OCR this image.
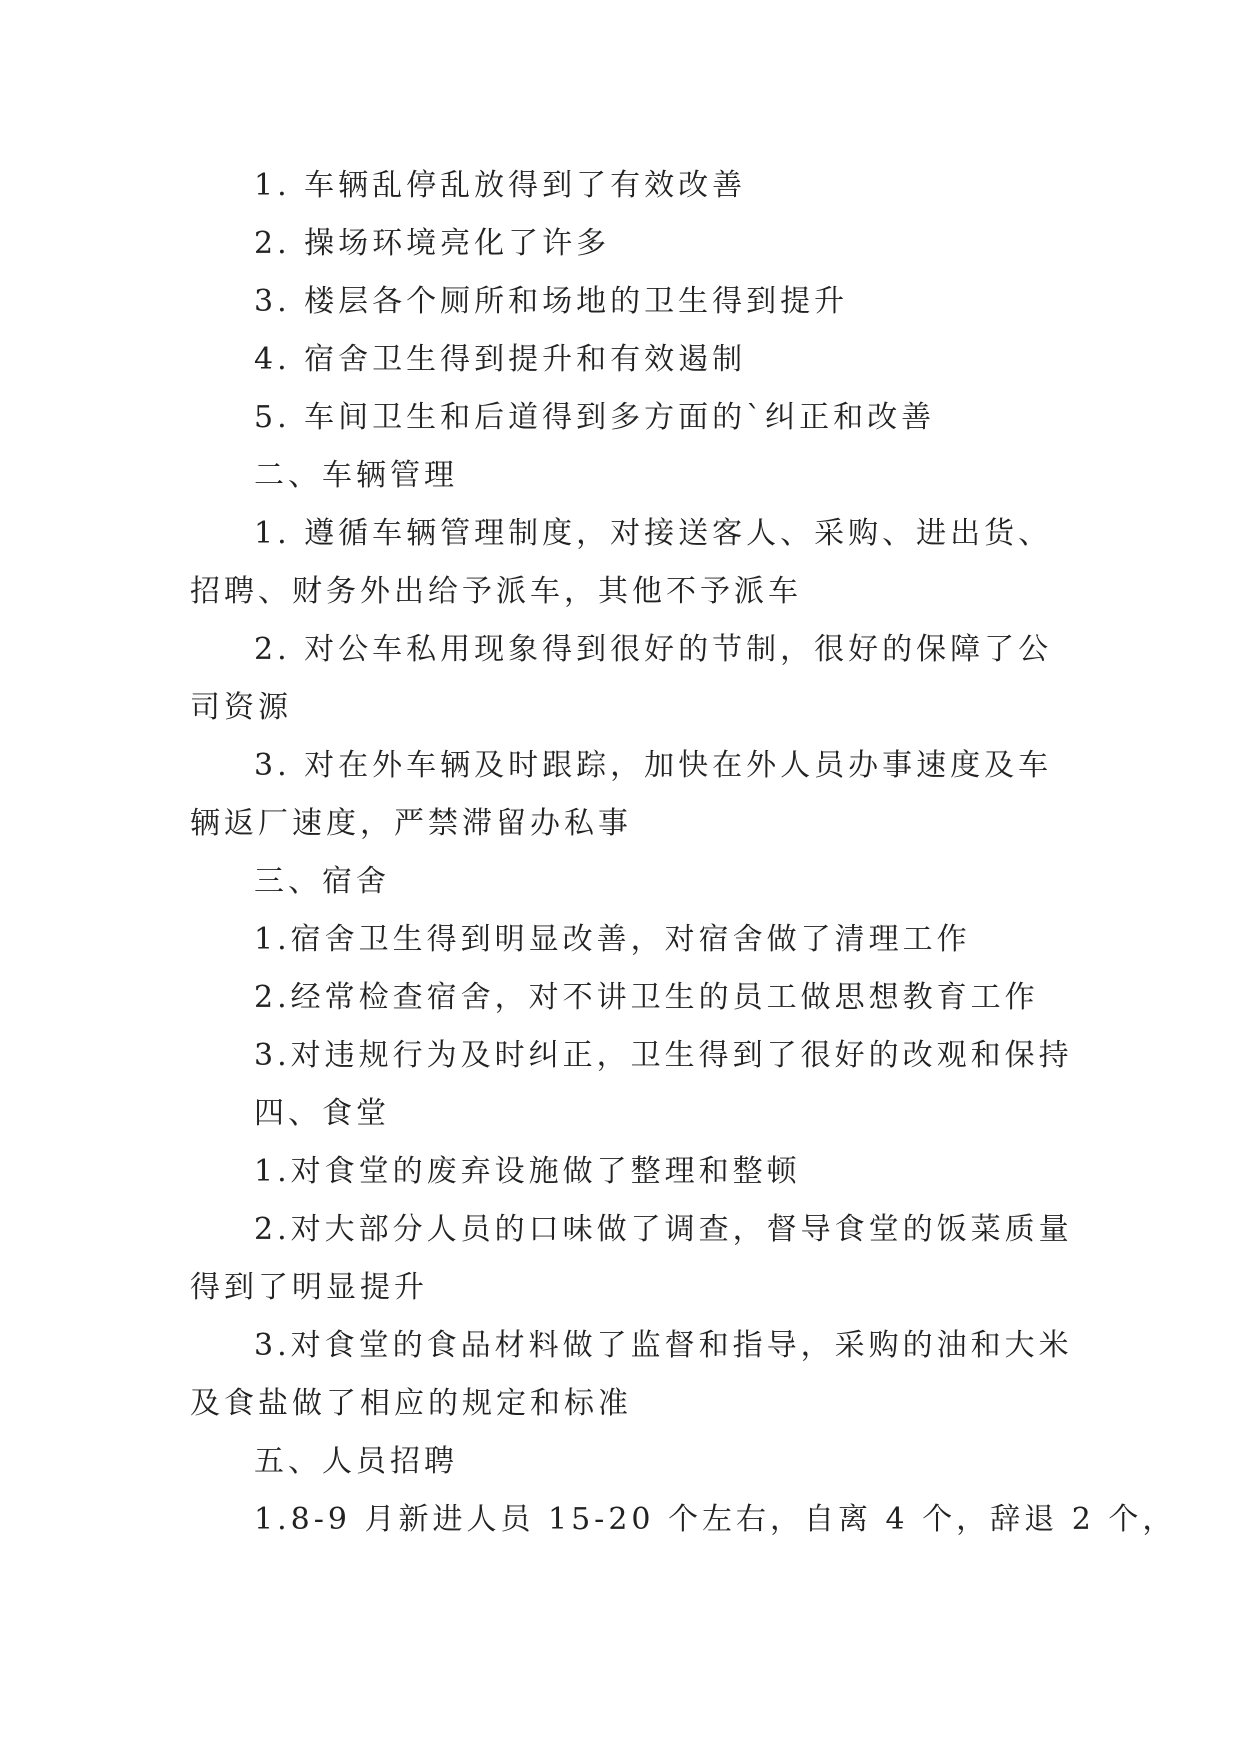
1. 车辆乱停乱放得到了有效改善
2. 操场环境亮化了许多
3. 楼层各个厕所和场地的卫生得到提升
4. 宿舍卫生得到提升和有效遏制
5. 车间卫生和后道得到多方面的`纠正和改善
二、车辆管理
1. 遵循车辆管理制度，对接送客人、采购、进出货、
招聘、财务外出给予派车，其他不予派车
2. 对公车私用现象得到很好的节制，很好的保障了公
司资源
3. 对在外车辆及时跟踪，加快在外人员办事速度及车
辆返厂速度，严禁滞留办私事
三、宿舍
1.宿舍卫生得到明显改善，对宿舍做了清理工作
2.经常检查宿舍，对不讲卫生的员工做思想教育工作
3.对违规行为及时纠正，卫生得到了很好的改观和保持
四、食堂
1.对食堂的废弃设施做了整理和整顿
2.对大部分人员的口味做了调查，督导食堂的饭菜质量
得到了明显提升
3.对食堂的食品材料做了监督和指导，采购的油和大米
及食盐做了相应的规定和标准
五、人员招聘
1.8-9 月新进人员 15-20 个左右，自离 4 个，辞退 2 个，
